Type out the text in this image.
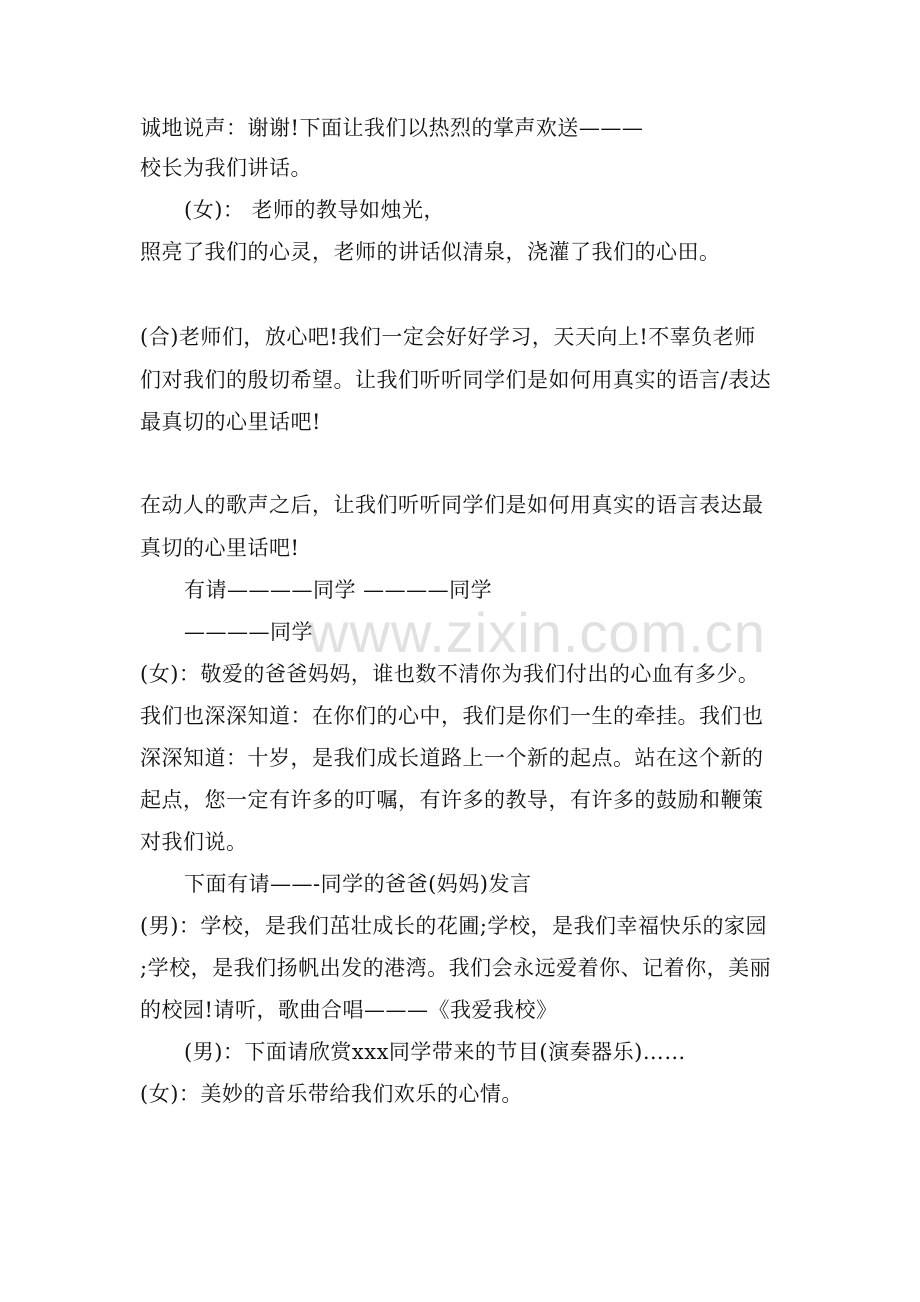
诚地说声：谢谢!下面让我们以热烈的掌声欢送———
校长为我们讲话。
(女)： 老师的教导如烛光，
照亮了我们的心灵，老师的讲话似清泉，浇灌了我们的心田。
(合)老师们，放心吧!我们一定会好好学习，天天向上!不辜负老师
们对我们的殷切希望。让我们听听同学们是如何用真实的语言/表达
最真切的心里话吧!
在动人的歌声之后，让我们听听同学们是如何用真实的语言表达最
真切的心里话吧!
有请————同学 ————同学
————同学
(女)：敬爱的爸爸妈妈，谁也数不清你为我们付出的心血有多少。
我们也深深知道：在你们的心中，我们是你们一生的牵挂。我们也
深深知道：十岁，是我们成长道路上一个新的起点。站在这个新的
起点，您一定有许多的叮嘱，有许多的教导，有许多的鼓励和鞭策
对我们说。
下面有请——-同学的爸爸(妈妈)发言
(男)：学校，是我们茁壮成长的花圃;学校，是我们幸福快乐的家园
;学校，是我们扬帆出发的港湾。我们会永远爱着你、记着你，美丽
的校园!请听，歌曲合唱———《我爱我校》
(男)：下面请欣赏xxx同学带来的节目(演奏器乐)……
(女)：美妙的音乐带给我们欢乐的心情。
www.zixin.com.cn
